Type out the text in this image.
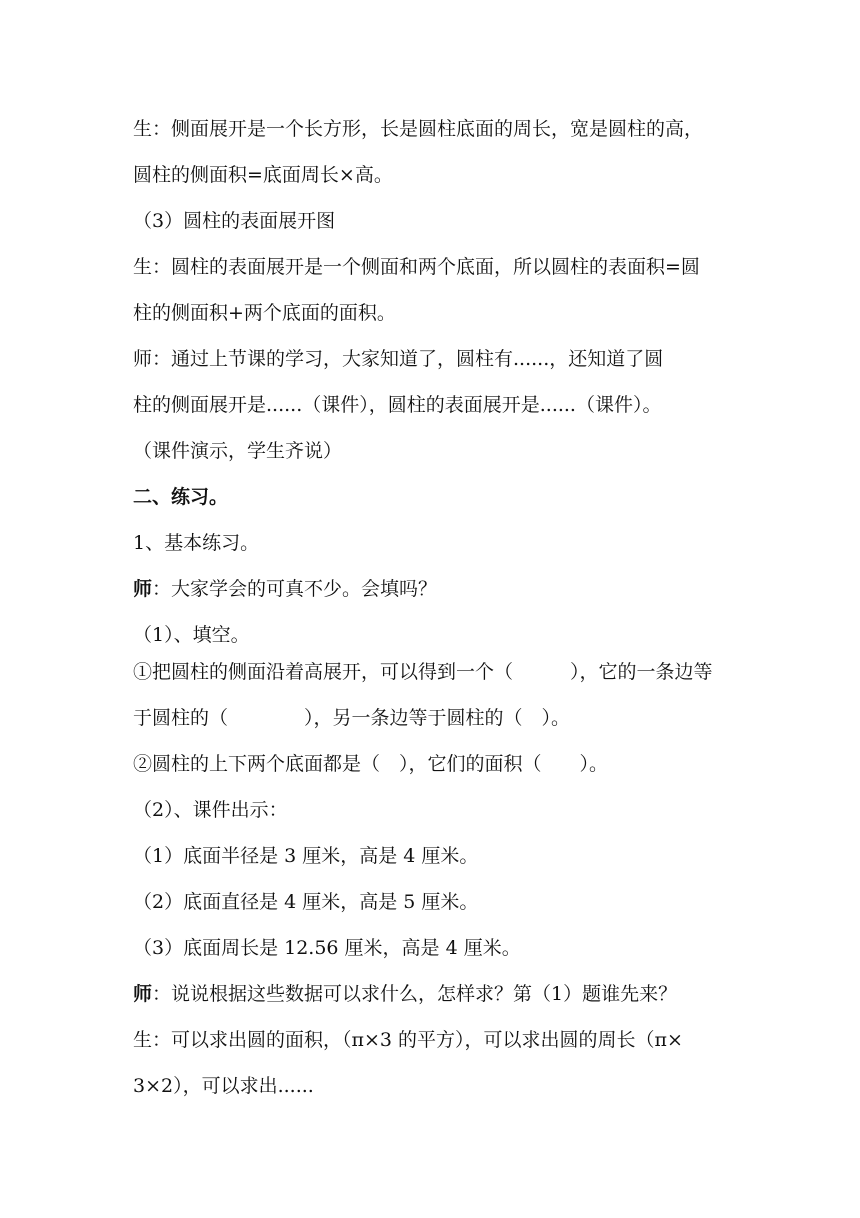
生：侧面展开是一个长方形，长是圆柱底面的周长，宽是圆柱的高，
圆柱的侧面积=底面周长×高。
（3）圆柱的表面展开图
生：圆柱的表面展开是一个侧面和两个底面，所以圆柱的表面积=圆
柱的侧面积+两个底面的面积。
师：通过上节课的学习，大家知道了，圆柱有......，还知道了圆
柱的侧面展开是......（课件），圆柱的表面展开是......（课件）。
（课件演示，学生齐说）
二、练习。
1、基本练习。
师：大家学会的可真不少。会填吗？
（1）、填空。
①把圆柱的侧面沿着高展开，可以得到一个（　　　），它的一条边等
于圆柱的（　　　　），另一条边等于圆柱的（　）。
②圆柱的上下两个底面都是（　），它们的面积（　　）。
（2）、课件出示：
（1）底面半径是 3 厘米，高是 4 厘米。
（2）底面直径是 4 厘米，高是 5 厘米。
（3）底面周长是 12.56 厘米，高是 4 厘米。
师：说说根据这些数据可以求什么，怎样求？第（1）题谁先来？
生：可以求出圆的面积，（π×3 的平方），可以求出圆的周长（π×
3×2），可以求出......
